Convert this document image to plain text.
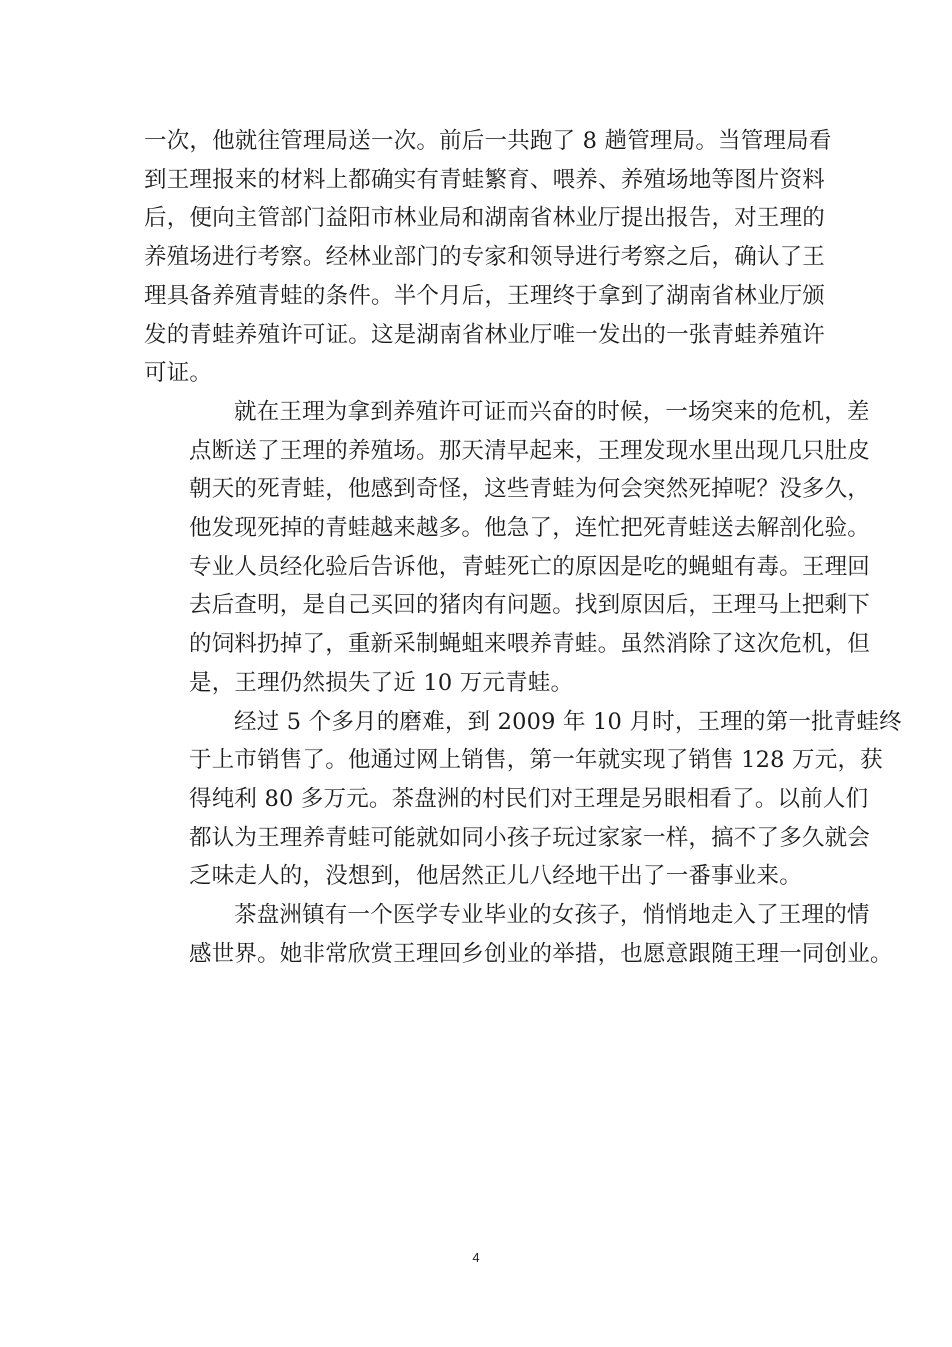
一次，他就往管理局送一次。前后一共跑了 8 趟管理局。当管理局看
到王理报来的材料上都确实有青蛙繁育、喂养、养殖场地等图片资料
后，便向主管部门益阳市林业局和湖南省林业厅提出报告，对王理的
养殖场进行考察。经林业部门的专家和领导进行考察之后，确认了王
理具备养殖青蛙的条件。半个月后，王理终于拿到了湖南省林业厅颁
发的青蛙养殖许可证。这是湖南省林业厅唯一发出的一张青蛙养殖许
可证。
就在王理为拿到养殖许可证而兴奋的时候，一场突来的危机，差
点断送了王理的养殖场。那天清早起来，王理发现水里出现几只肚皮
朝天的死青蛙，他感到奇怪，这些青蛙为何会突然死掉呢？没多久，
他发现死掉的青蛙越来越多。他急了，连忙把死青蛙送去解剖化验。
专业人员经化验后告诉他，青蛙死亡的原因是吃的蝇蛆有毒。王理回
去后查明，是自己买回的猪肉有问题。找到原因后，王理马上把剩下
的饲料扔掉了，重新采制蝇蛆来喂养青蛙。虽然消除了这次危机，但
是，王理仍然损失了近 10 万元青蛙。
经过 5 个多月的磨难，到 2009 年 10 月时，王理的第一批青蛙终
于上市销售了。他通过网上销售，第一年就实现了销售 128 万元，获
得纯利 80 多万元。茶盘洲的村民们对王理是另眼相看了。以前人们
都认为王理养青蛙可能就如同小孩子玩过家家一样，搞不了多久就会
乏味走人的，没想到，他居然正儿八经地干出了一番事业来。
茶盘洲镇有一个医学专业毕业的女孩子，悄悄地走入了王理的情
感世界。她非常欣赏王理回乡创业的举措，也愿意跟随王理一同创业。
4
